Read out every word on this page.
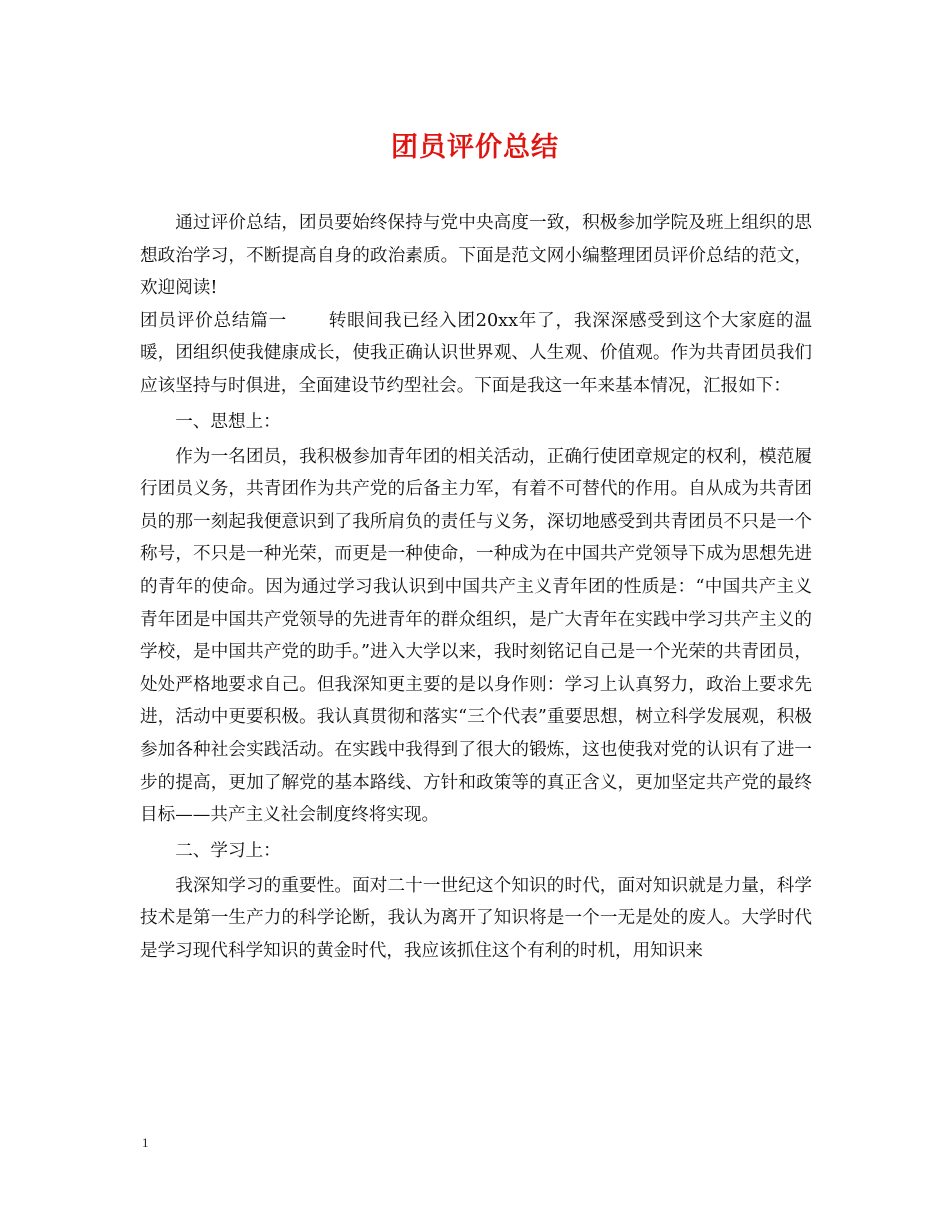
团员评价总结

通过评价总结，团员要始终保持与党中央高度一致，积极参加学院及班上组织的思想政治学习，不断提高自身的政治素质。下面是范文网小编整理团员评价总结的范文，欢迎阅读!

团员评价总结篇一 转眼间我已经入团20xx年了，我深深感受到这个大家庭的温暖，团组织使我健康成长，使我正确认识世界观、人生观、价值观。作为共青团员我们应该坚持与时俱进，全面建设节约型社会。下面是我这一年来基本情况，汇报如下：

一、思想上：

作为一名团员，我积极参加青年团的相关活动，正确行使团章规定的权利，模范履行团员义务，共青团作为共产党的后备主力军，有着不可替代的作用。自从成为共青团员的那一刻起我便意识到了我所肩负的责任与义务，深切地感受到共青团员不只是一个称号，不只是一种光荣，而更是一种使命，一种成为在中国共产党领导下成为思想先进的青年的使命。因为通过学习我认识到中国共产主义青年团的性质是：“中国共产主义青年团是中国共产党领导的先进青年的群众组织，是广大青年在实践中学习共产主义的学校，是中国共产党的助手。”进入大学以来，我时刻铭记自己是一个光荣的共青团员，处处严格地要求自己。但我深知更主要的是以身作则：学习上认真努力，政治上要求先进，活动中更要积极。我认真贯彻和落实“三个代表”重要思想，树立科学发展观，积极参加各种社会实践活动。在实践中我得到了很大的锻炼，这也使我对党的认识有了进一步的提高，更加了解党的基本路线、方针和政策等的真正含义，更加坚定共产党的最终目标——共产主义社会制度终将实现。

二、学习上：

我深知学习的重要性。面对二十一世纪这个知识的时代，面对知识就是力量，科学技术是第一生产力的科学论断，我认为离开了知识将是一个一无是处的废人。大学时代是学习现代科学知识的黄金时代，我应该抓住这个有利的时机，用知识来

1
